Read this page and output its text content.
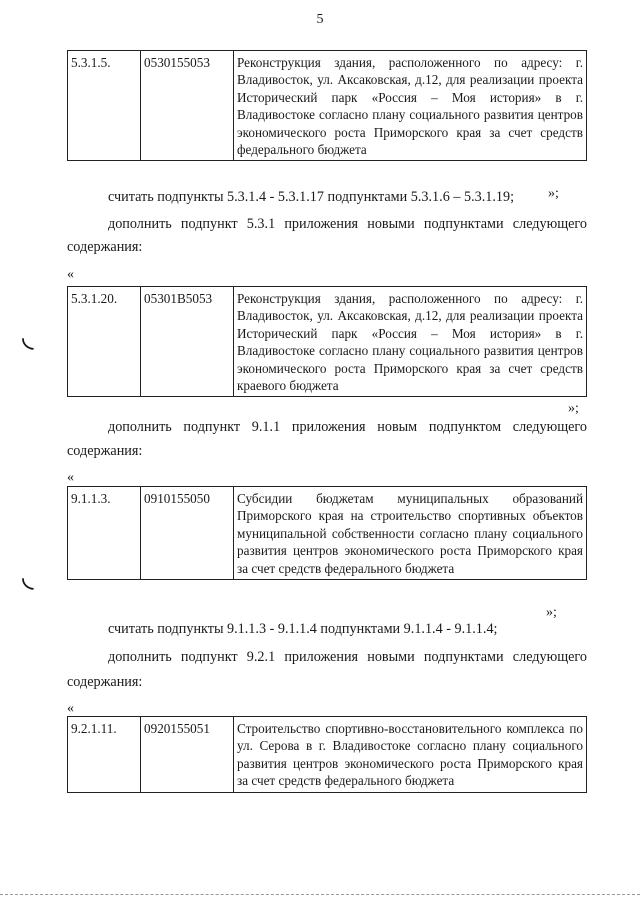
5
5.3.1.5.	0530155053	Реконструкция здания, расположенного по адресу: г. Владивосток, ул. Аксаковская, д.12, для реализации проекта Исторический парк «Россия – Моя история» в г. Владивостоке согласно плану социального развития центров экономического роста Приморского края за счет средств федерального бюджета
»;
считать подпункты 5.3.1.4 - 5.3.1.17 подпунктами 5.3.1.6 – 5.3.1.19;
дополнить подпункт 5.3.1 приложения новыми подпунктами следующего
содержания:
«
◟
5.3.1.20.	05301B5053	Реконструкция здания, расположенного по адресу: г. Владивосток, ул. Аксаковская, д.12, для реализации проекта Исторический парк «Россия – Моя история» в г. Владивостоке согласно плану социального развития центров экономического роста Приморского края за счет средств краевого бюджета
»;
дополнить подпункт 9.1.1 приложения новым подпунктом следующего
содержания:
«
9.1.1.3.	0910155050	Субсидии бюджетам муниципальных образований Приморского края на строительство спортивных объектов муниципальной собственности согласно плану социального развития центров экономического роста Приморского края за счет средств федерального бюджета
◟
»;
считать подпункты 9.1.1.3 - 9.1.1.4 подпунктами 9.1.1.4 - 9.1.1.4;
дополнить подпункт 9.2.1 приложения новыми подпунктами следующего
содержания:
«
9.2.1.11.	0920155051	Строительство спортивно-восстановительного комплекса по ул. Серова в г. Владивостоке согласно плану социального развития центров экономического роста Приморского края за счет средств федерального бюджета
